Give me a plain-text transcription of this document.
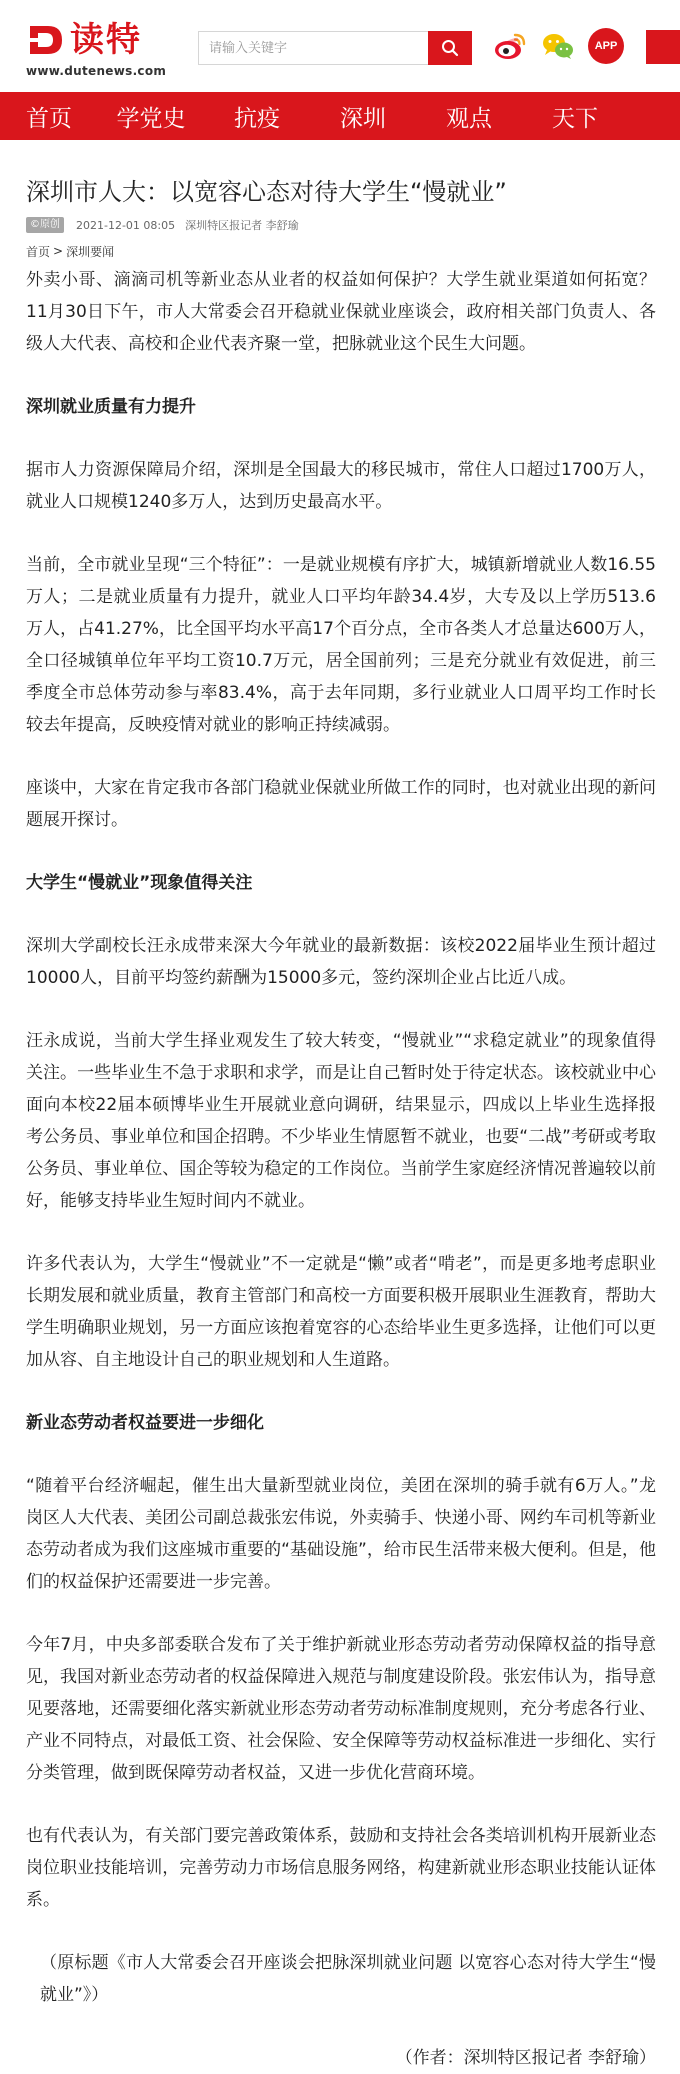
读特
www.dutenews.com
请输入关键字
APP
首页	学党史	抗疫	深圳	观点	天下
深圳市人大：以宽容心态对待大学生“慢就业”
©原创	2021-12-01 08:05 深圳特区报记者 李舒瑜
首页 > 深圳要闻

外卖小哥、滴滴司机等新业态从业者的权益如何保护？大学生就业渠道如何拓宽？11月30日下午，市人大常委会召开稳就业保就业座谈会，政府相关部门负责人、各级人大代表、高校和企业代表齐聚一堂，把脉就业这个民生大问题。

深圳就业质量有力提升

据市人力资源保障局介绍，深圳是全国最大的移民城市，常住人口超过1700万人，就业人口规模1240多万人，达到历史最高水平。

当前，全市就业呈现“三个特征”：一是就业规模有序扩大，城镇新增就业人数16.55万人；二是就业质量有力提升，就业人口平均年龄34.4岁，大专及以上学历513.6万人，占41.27%，比全国平均水平高17个百分点，全市各类人才总量达600万人，全口径城镇单位年平均工资10.7万元，居全国前列；三是充分就业有效促进，前三季度全市总体劳动参与率83.4%，高于去年同期，多行业就业人口周平均工作时长较去年提高，反映疫情对就业的影响正持续减弱。

座谈中，大家在肯定我市各部门稳就业保就业所做工作的同时，也对就业出现的新问题展开探讨。

大学生“慢就业”现象值得关注

深圳大学副校长汪永成带来深大今年就业的最新数据：该校2022届毕业生预计超过10000人，目前平均签约薪酬为15000多元，签约深圳企业占比近八成。

汪永成说，当前大学生择业观发生了较大转变，“慢就业”“求稳定就业”的现象值得关注。一些毕业生不急于求职和求学，而是让自己暂时处于待定状态。该校就业中心面向本校22届本硕博毕业生开展就业意向调研，结果显示，四成以上毕业生选择报考公务员、事业单位和国企招聘。不少毕业生情愿暂不就业，也要“二战”考研或考取公务员、事业单位、国企等较为稳定的工作岗位。当前学生家庭经济情况普遍较以前好，能够支持毕业生短时间内不就业。

许多代表认为，大学生“慢就业”不一定就是“懒”或者“啃老”，而是更多地考虑职业长期发展和就业质量，教育主管部门和高校一方面要积极开展职业生涯教育，帮助大学生明确职业规划，另一方面应该抱着宽容的心态给毕业生更多选择，让他们可以更加从容、自主地设计自己的职业规划和人生道路。

新业态劳动者权益要进一步细化

“随着平台经济崛起，催生出大量新型就业岗位，美团在深圳的骑手就有6万人。”龙岗区人大代表、美团公司副总裁张宏伟说，外卖骑手、快递小哥、网约车司机等新业态劳动者成为我们这座城市重要的“基础设施”，给市民生活带来极大便利。但是，他们的权益保护还需要进一步完善。

今年7月，中央多部委联合发布了关于维护新就业形态劳动者劳动保障权益的指导意见，我国对新业态劳动者的权益保障进入规范与制度建设阶段。张宏伟认为，指导意见要落地，还需要细化落实新就业形态劳动者劳动标准制度规则，充分考虑各行业、产业不同特点，对最低工资、社会保险、安全保障等劳动权益标准进一步细化、实行分类管理，做到既保障劳动者权益，又进一步优化营商环境。

也有代表认为，有关部门要完善政策体系，鼓励和支持社会各类培训机构开展新业态岗位职业技能培训，完善劳动力市场信息服务网络，构建新就业形态职业技能认证体系。

（原标题《市人大常委会召开座谈会把脉深圳就业问题 以宽容心态对待大学生“慢就业”》）

（作者：深圳特区报记者 李舒瑜）
